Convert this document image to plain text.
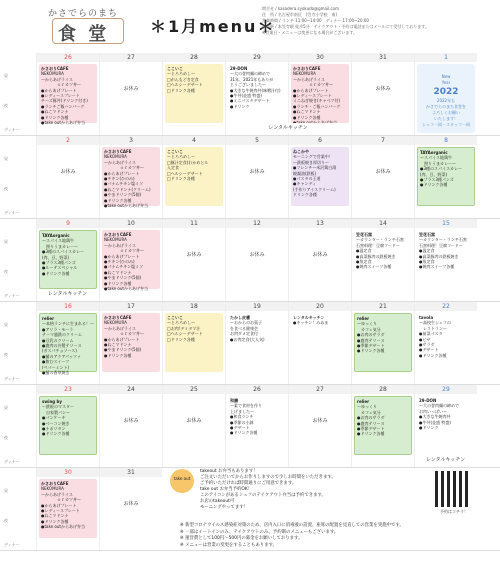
かさでらのまち
食 堂	＊1月menu＊
問合せ / kasadera.syokudo@gmail.com
住　所 / 名古屋市南区　(笠寺小学校　南)
営業時間 / ランチ 11:00~14:00　ディナー 17:00~20:00
最寄駅 / 本笠寺駅 徒歩5分　テイクアウト・予約は電話またはメールにて受付しております。
※営業日・メニューは変更になる場合がございます。
昼
夜
ディナー
26
かさおりCAFE
NEKOMURA
～からあげライス
　　　　ｏｒカツ丼～
●からあげプレート
●レディースプレート
チーズ豚丼(ドリンク付き)
●ランチご飯ハンバーグ
●ねこマドンナ
●ドリンク各種
●take outからあげ弁当
27
お休み
28
ここいこ
～とろろめし～
□がんもどき定食
□ヘルシーデザート
□ドリンク各種
29
29-DON
～大の誉肉麺の締めで
31年、2021年もありが
とうございました～
●大きな牛焼肉丼(味噌汁付)
●牛丼(並盛 特盛)
●ミニパスタデザート
●ドリンク
30
かさおりCAFE
NEKOMURA
～からあげライス
　　　　ｏｒカツ丼～
●からあげプレート
●レディースプレート
ミニねぎ焼き(キャベツ付)
●ランチ・ご飯ハンバーグ
●ねこマドンナ
●ドリンク各種
31
お休み
1
New
Year
2022
2022年も
かさでらのまち食堂を
よろしくお願い
いたします！
シェフ一同・スタッフ一同
レンタルキッチン
昼
夜
ディナー
2
お休み
3
かさおりCAFE
NEKOMURA
～からあげライス
　　　　ｏｒカツ丼～
●からあげプレート
●チキン(ひのみ)
●パナムチキン塩ミソ
●ねこマドンナ(クリーム)
●やまドリンク(5個)
●ドリンク各種
●take outからあげ弁当
4
ここいこ
～とろろめし～
□豚汁定食(わかめとル
入定食
□ヘルシーデザート
□ドリンク各種
5
お休み
6
ねこかや
モーニングで営業中！
～鉄板焼き厚切り～
●フレンチ～米沢鶏白湯
焼醤油(鉄板)
●パスタの王道
●キャンディ
(手作りアイスクリーム)
ドリンク各種
7
お休み
8
TAYAorganic
～スパイス地鶏牛
　照りうまカレー～
●3種のスパイスカレー
(肉、豆、野菜)
●プラス3種パンズ
●ドリンク各種
昼
夜
ディナー
9
TAYAorganic
～スパイス地鶏牛
　照りうまカレー～
●3種のスパイスカレー
(肉、豆、野菜)
●プラス3種パンズ
●ルーテスペシャル
●ドリンク各種
10
かさおりCAFE
NEKOMURA
～からあげライス
　　　　ｏｒカツ丼～
●からあげプレート
●チキン(ひのみ)
●パナムチキン塩ミソ
●ねこマドンナ
●やまドリンク(5個)
●ドリンク各種
●take outからあげ弁当
11
お休み
12
お休み
13
お休み
14
笠花石窯
～カウンター・ランチ石窯
石窯料理！豆腐フードー
●温定食
●高菜豚肉の鉄板焼き
●魚定食
●焼肉スイーツ各種
15
笠花石窯
～カウンター・ランチ石窯
石窯料理！豆腐フードー
●温定食
●高菜豚肉の鉄板焼き
●魚定食
●焼肉スイーツ各種
レンタルキッチン
昼
夜
ディナー
16
relier
～本格ランチに生まれる！～
●アリラ・モーラ
テーマ風鉄のクリーム
●豆乳のクリーム
●鹿肉の冷製テリーヌ
(ガスパチョソース)
●鯖のアクアパッツァ
●飲むスイーツ
(ペパーミント)
●鯖の香草焼き
17
かさおりCAFE
NEKOMURA
～からあげライス
　　　　ｏｒカツ丼～
●からあげプレート
●ねこマドンナ
●やまドリンク(5個)
●ドリンク各種
18
ここいこ
～とろろめし～
□お肉!デミタマ汁
□ヘルシーデザート
□ドリンク各種
19
たかし皮膚
～おからのお菓子
を食べる健康会
お肉ダメ定食付
●お肉定食(大人気)
20
レンタルキッチン
●キッチン！みぬま
21
relier
～ゆっくり
　カフェ気分
●お肉のサラダ
●鹿肉テリーヌ
●季節デザート
●ドリンク各種
22
tavola
～高校生シェフの
　レストラン～
●前菜パスタ
●ピザ
●サラダ
●デザート
●ドリンク各種
昼
夜
ディナー
23
swing by
～鉄板のマスター
　自家製パン～
●パンケーキ
●ベーコン焼き
●ナポリタン
●ドリンク各種
24
お休み
25
お休み
26
和膳
～素で食材を作り
上げました～
●和食ランチ
●季節の小鉢
●デザート
●ドリンク各種
27
お休み
28
relier
～ゆっくり
　カフェ気分
●お肉のサラダ
●鹿肉テリーヌ
●季節デザート
●ドリンク各種
29
29-DON
～大の誉肉麺の締めで
お肉いっぱい～
●大きな牛焼肉丼
●牛丼(並盛 特盛)
●ドリンク
レンタルキッチン
昼
夜
ディナー
30
かさおりCAFE
NEKOMURA
～からあげライス
　　　　ｏｒカツ丼～
●からあげプレート
●レディースプレート
●ねこマドンナ
●ドリンク各種
●take outからあげ弁当
31
お休み
take out
takeout お弁当もあります！
ご注文いただいてからお作りしますので少しお時間をいただきます。
ご予約いただければ時間通りにご用意できます。
take out お弁当予約OK！
このアイコンがあるシェフのテイクアウト弁当は予約できます。
お店のtakeout可
モーニングやってます！
予約はコチラ！
※ 新型コロナウイルス感染症対策のため、店内入口に消毒液の設置、座席の配置を見直しての営業を実施中です。
※ 一部はイートインのみ、テイクアウトのみ、予約制のメニューもございます。
※ 運営費として100円～500円の募金をお願いしております。
※ メニューは営業の変更をすることもあります。
